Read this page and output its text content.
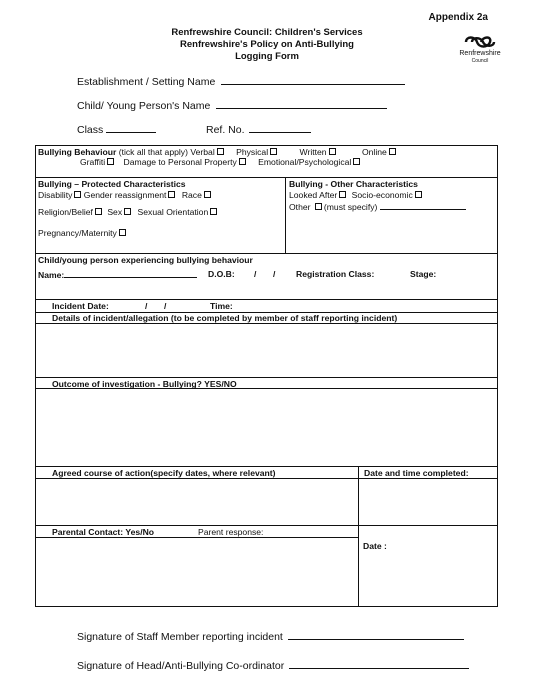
Appendix 2a
Renfrewshire Council: Children's Services
Renfrewshire's Policy on Anti-Bullying
Logging Form	Renfrewshire
Council
Establishment / Setting Name
Child/ Young Person's Name
Class	Ref. No.
Bullying Behaviour (tick all that apply) Verbal Physical	Written	Online
Graffiti Damage to Personal Property Emotional/Psychological
Bullying – Protected Characteristics
Disability Gender reassignment Race
Religion/Belief Sex Sexual Orientation
Pregnancy/Maternity
Bullying - Other Characteristics
Looked After Socio-economic
Other (must specify)
Child/young person experiencing bullying behaviour
Name:	D.O.B: / / Registration Class:	Stage:
Incident Date:	/ /	Time:
Details of incident/allegation (to be completed by member of staff reporting incident)
Outcome of investigation - Bullying? YES/NO
Agreed course of action(specify dates, where relevant)	Date and time completed:
Parental Contact: Yes/No	Parent response:
Date :
Signature of Staff Member reporting incident
Signature of Head/Anti-Bullying Co-ordinator
